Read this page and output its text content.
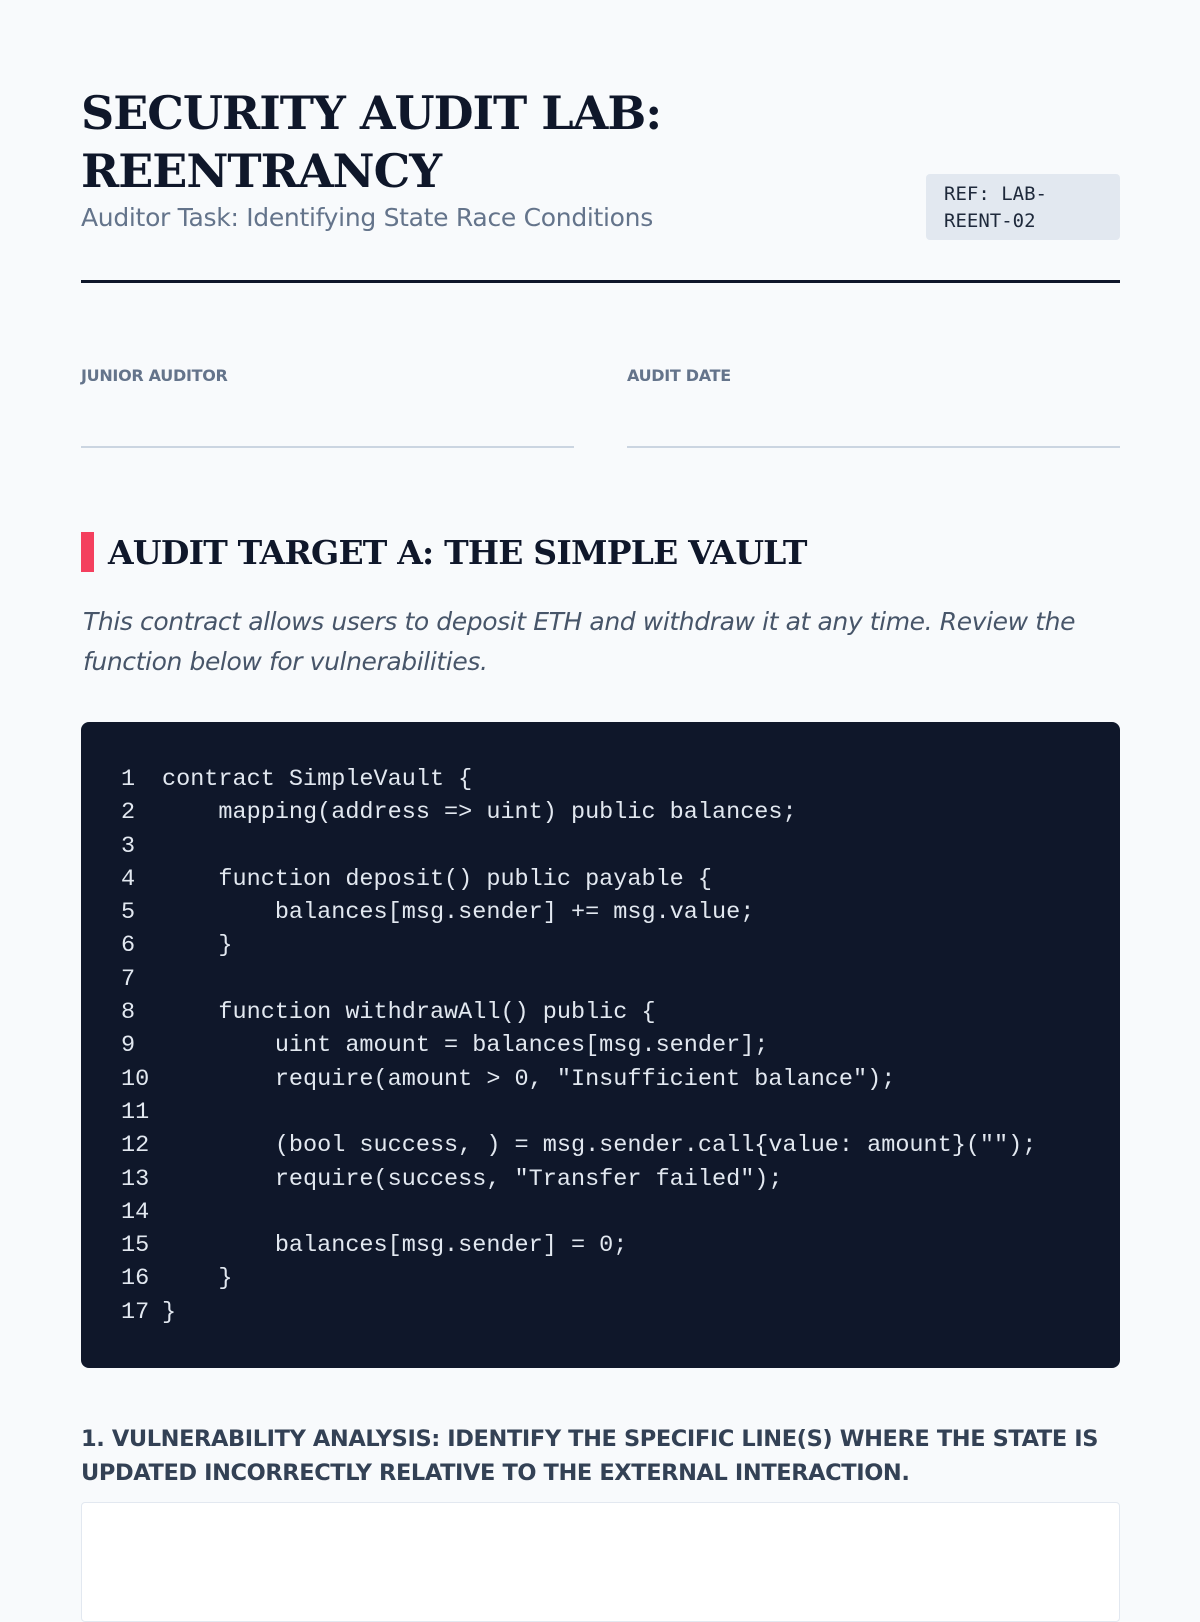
SECURITY AUDIT LAB: REENTRANCY
Auditor Task: Identifying State Race Conditions
REF: LAB-REENT-02
JUNIOR AUDITOR	AUDIT DATE
AUDIT TARGET A: THE SIMPLE VAULT

This contract allows users to deposit ETH and withdraw it at any time. Review the function below for vulnerabilities.

1	contract SimpleVault {
2	mapping(address => uint) public balances;
3
4	function deposit() public payable {
5	balances[msg.sender] += msg.value;
6	}
7
8	function withdrawAll() public {
9	uint amount = balances[msg.sender];
10 require(amount > 0, "Insufficient balance");
11
12 (bool success, ) = msg.sender.call{value: amount}("");
13 require(success, "Transfer failed");
14
15 balances[msg.sender] = 0;
16 }
17 }

1. VULNERABILITY ANALYSIS: IDENTIFY THE SPECIFIC LINE(S) WHERE THE STATE IS UPDATED INCORRECTLY RELATIVE TO THE EXTERNAL INTERACTION.
